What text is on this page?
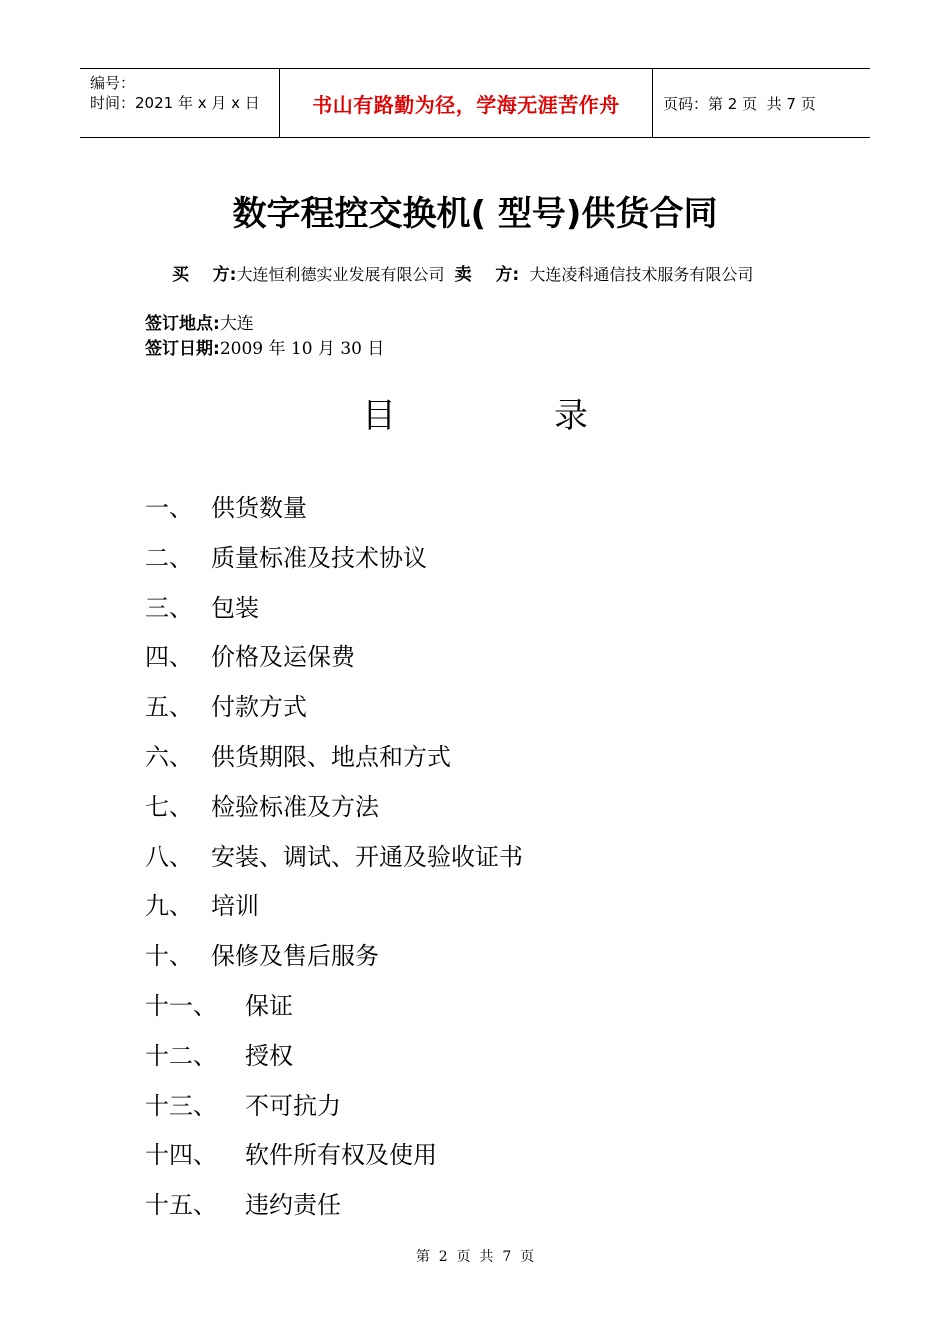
编号：
时间：2021 年 x 月 x 日	书山有路勤为径，学海无涯苦作舟	页码：第 2 页  共 7 页
数字程控交换机( 型号)供货合同
买    方:大连恒利德实业发展有限公司 卖    方: 大连凌科通信技术服务有限公司
签订地点:大连
签订日期:2009 年 10 月 30 日
目	录
一、 供货数量
二、 质量标准及技术协议
三、 包装
四、 价格及运保费
五、 付款方式
六、 供货期限、地点和方式
七、 检验标准及方法
八、 安装、调试、开通及验收证书
九、 培训
十、 保修及售后服务
十一、 保证
十二、 授权
十三、 不可抗力
十四、 软件所有权及使用
十五、 违约责任
第  2  页  共  7  页
